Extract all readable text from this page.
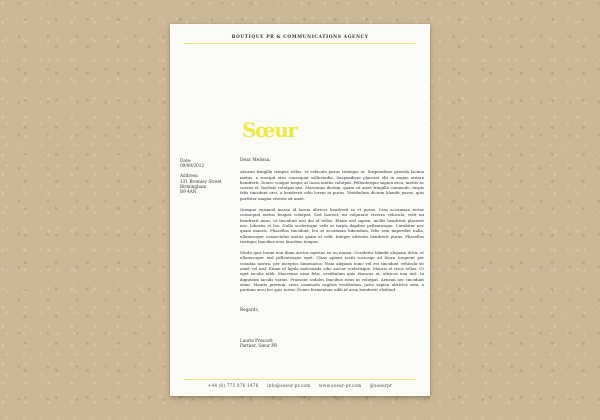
BOUTIQUE PR & COMMUNICATIONS AGENCY
Sœur
Date:
09/09/2012
Address:
131 Bromley Street
Birmingham
B9 4AN
Dear Melissa,

Aenean fringilla tempus tellus, et vehicula purus tristique ut. Suspendisse gravida lacinia metus, a suscipit eros consequat sollicitudin. Suspendisse placerat elit in augue ornare hendrerit. Donec congue neque at lacus mattis volutpat. Pellentesque sapien arcu, mattis ac cursus et, facilisis volutpat nisi. Maecenas dictum, quam sit amet fringilla commodo, turpis felis tincidunt orci, a hendrerit odio lorem in purus. Vestibulum dictum blandit purus, quis porttitor magna viverra sit amet.

Quisque euismod massa id lorem ultrices hendrerit in et purus. Cras accumsan tortor consequat metus feugiat volutpat. Sed laoreet, mi vulputate viverra vehicula, velit mi hendrerit nunc, ut tincidunt nisl dui id tellus. Etiam nisl sapien, mollis hendrerit placerat nec, lobortis et leo. Nulla scelerisque velit et turpis dapibus pellentesque. Curabitur nec quam mauris. Phasellus tincidunt, leo at accumsan bibendum, felis sem imperdiet nulla, ullamcorper consectetur metus quam ut velit. Integer ultricies hendrerit purus. Phasellus tristique faucibus eros faucibus tempor.

Morbi quis lorem non diam auctor egestas eu eu massa. Curabitur blandit aliquam dolor, et ullamcorper nisl pellentesque eget. Class aptent taciti sociosqu ad litora torquent per conubia nostra, per inceptos himenaeos. Nam aliquam nunc vel est tincidunt vehicula sit amet vel nisl. Etiam id ligula malesuada odio auctor scelerisque. Mauris et risus tellus. Ut eget iaculis nibh. Maecenas urna felis, vestibulum quis rhoncus at, ultrices non nisl. In dignissim iaculis varius. Praesent sodales faucibus risus ut volutpat. Aenean nec tincidunt enim. Mauris pretium, risus commodo sagittis vestibulum, justo sapien ultricies sem, a pretium arcu leo quis tortor. Donec fermentum nibh id urna hendrerit eleifend.

Regards,
Laurie Prescott
Partner, Sœur PR
+44 (0) 775 076 1476 info@soeur-pr.com www.soeur-pr.com @soeurpr
